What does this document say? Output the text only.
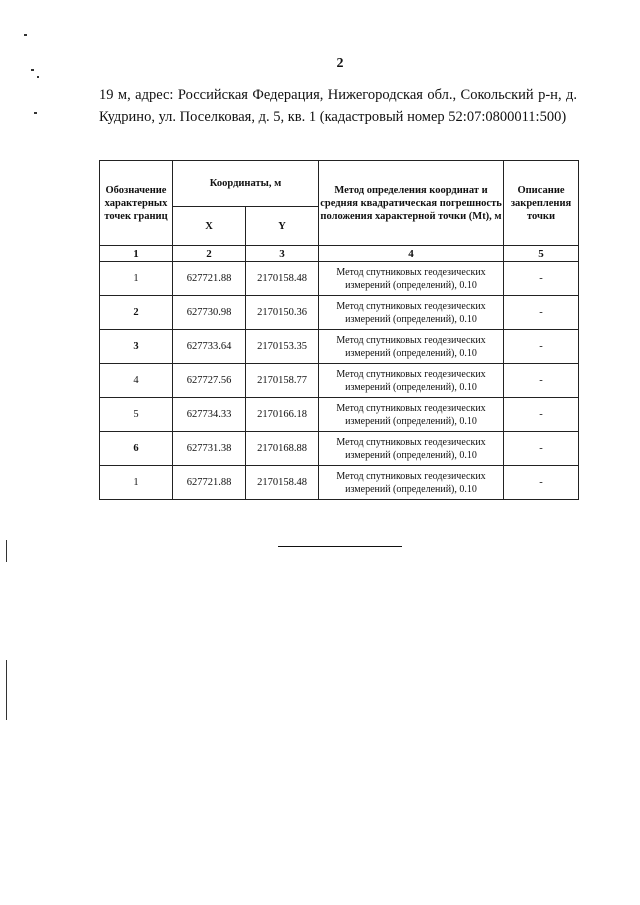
2
19 м, адрес: Российская Федерация, Нижегородская обл., Сокольский р-н, д. Кудрино, ул. Поселковая, д. 5, кв. 1 (кадастровый номер 52:07:0800011:500)
Обозначение характерных точек границ	Координаты, м		Метод определения координат и средняя квадратическая погрешность положения характерной точки (Mt), м	Описание закрепления точки
	X	Y		
1	2	3	4	5
1	627721.88	2170158.48	Метод спутниковых геодезических измерений (определений), 0.10	-
2	627730.98	2170150.36	Метод спутниковых геодезических измерений (определений), 0.10	-
3	627733.64	2170153.35	Метод спутниковых геодезических измерений (определений), 0.10	-
4	627727.56	2170158.77	Метод спутниковых геодезических измерений (определений), 0.10	-
5	627734.33	2170166.18	Метод спутниковых геодезических измерений (определений), 0.10	-
6	627731.38	2170168.88	Метод спутниковых геодезических измерений (определений), 0.10	-
1	627721.88	2170158.48	Метод спутниковых геодезических измерений (определений), 0.10	-
